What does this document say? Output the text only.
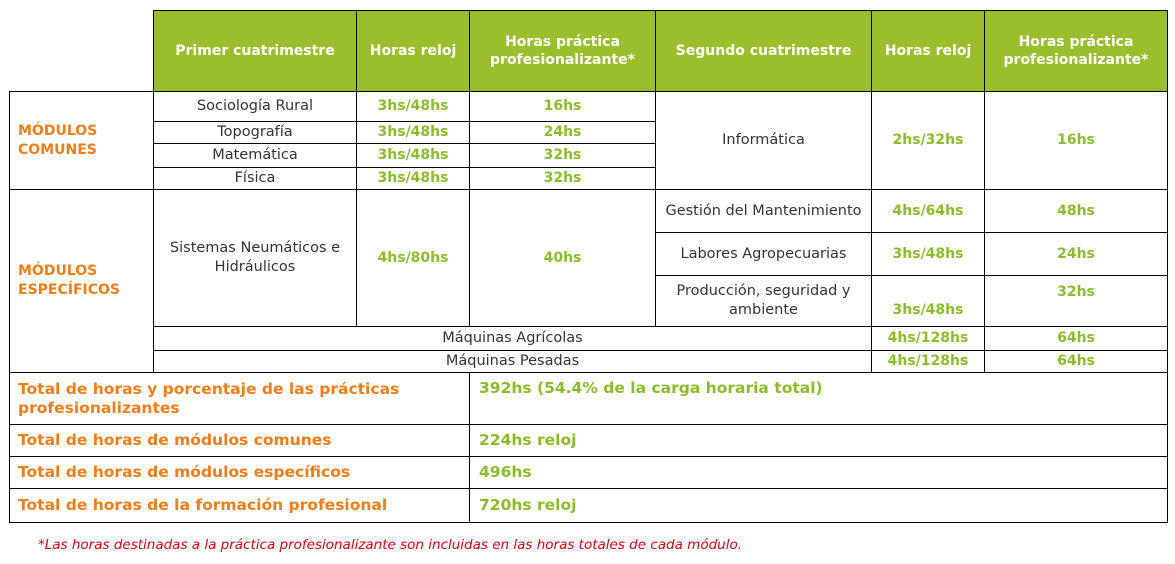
	Primer cuatrimestre	Horas reloj	Horas práctica profesionalizante*	Segundo cuatrimestre	Horas reloj	Horas práctica profesionalizante*
MÓDULOS COMUNES	Sociología Rural	3hs/48hs	16hs	Informática	2hs/32hs	16hs
	Topografía	3hs/48hs	24hs			
	Matemática	3hs/48hs	32hs			
	Física	3hs/48hs	32hs			
MÓDULOS ESPECÍFICOS	Sistemas Neumáticos e Hidráulicos	4hs/80hs	40hs	Gestión del Mantenimiento	4hs/64hs	48hs
				Labores Agropecuarias	3hs/48hs	24hs
				Producción, seguridad y ambiente	3hs/48hs	32hs
	Máquinas Agrícolas				4hs/128hs	64hs
	Máquinas Pesadas				4hs/128hs	64hs
Total de horas y porcentaje de las prácticas profesionalizantes			392hs (54.4% de la carga horaria total)			
Total de horas de módulos comunes			224hs reloj			
Total de horas de módulos específicos			496hs			
Total de horas de la formación profesional			720hs reloj			
*Las horas destinadas a la práctica profesionalizante son incluidas en las horas totales de cada módulo.
